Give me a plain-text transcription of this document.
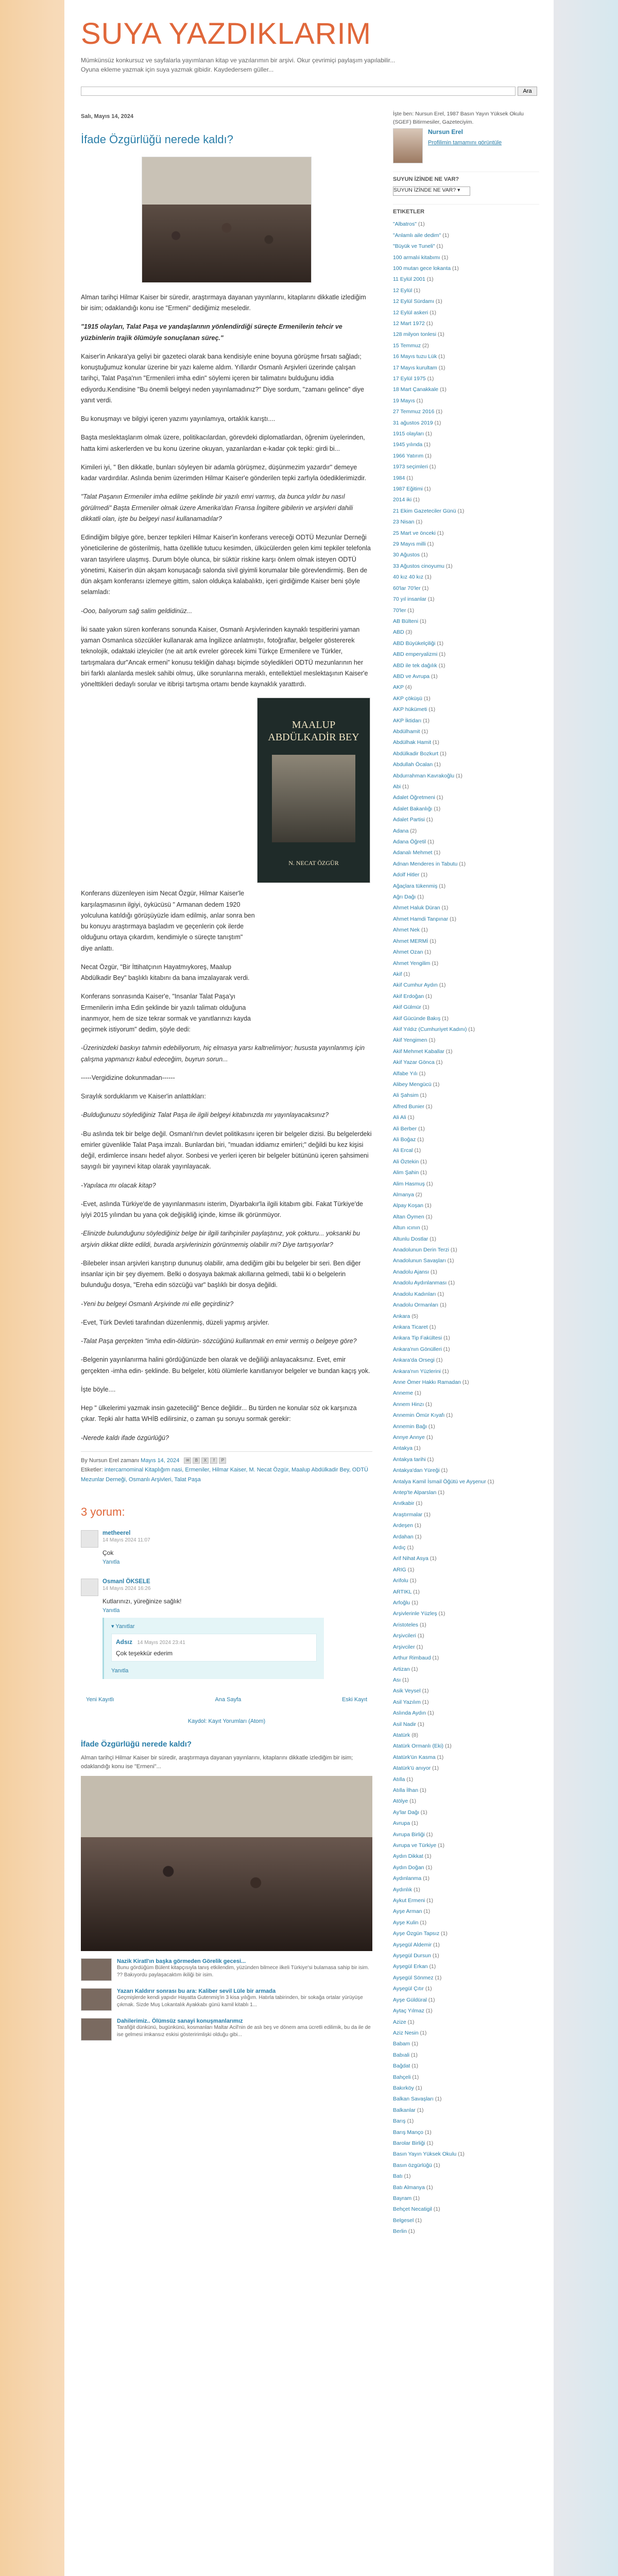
SUYA YAZDIKLARIM
Mümkünsüz konkursuz ve sayfalarla yayımlanan kitap ve yazılarımın bir arşivi. Okur çevrimiçi paylaşım yapılabilir... Oyuna ekleme yazmak için suya yazmak gibidir. Kaydedersem güller...
Ara
Salı, Mayıs 14, 2024
İfade Özgürlüğü nerede kaldı?

Alman tarihçi Hilmar Kaiser bir süredir, araştırmaya dayanan yayınlarını, kitaplarını dikkatle izlediğim bir isim; odaklandığı konu ise "Ermeni" dediğimiz meseledir.

"1915 olayları, Talat Paşa ve yandaşlarının yönlendirdiği süreçte Ermenilerin tehcir ve yüzbinlerin trajik ölümüyle sonuçlanan süreç."

Kaiser'in Ankara'ya geliyi bir gazeteci olarak bana kendisiyle enine boyuna görüşme fırsatı sağladı; konuştuğumuz konular üzerine bir yazı kaleme aldım. Yıllardır Osmanlı Arşivleri üzerinde çalışan tarihçi, Talat Paşa'nın "Ermenileri imha edin" söylemi içeren bir talimatını bulduğunu iddia ediyordu.Kendisine "Bu önemli belgeyi neden yayınlamadınız?" Diye sordum, "zamanı gelince" diye yanıt verdi.

Bu konuşmayı ve bilgiyi içeren yazımı yayınlamıya, ortaklık karıştı....

Başta meslektaşlarım olmak üzere, politikacılardan, görevdeki diplomatlardan, öğrenim üyelerinden, hatta kimi askerlerden ve bu konu üzerine okuyan, yazanlardan e-kadar çok tepki: girdi bi...

Kimileri iyi, " Ben dikkatle, bunları söyleyen bir adamla görüşmez, düşünmezim yazardır" demeye kadar vardırdılar. Aslında benim üzerimden Hilmar Kaiser'e gönderilen tepki zarfıyla ödediklerimizdir.

"Talat Paşanın Ermeniler imha edilme şeklinde bir yazılı emri varmış, da bunca yıldır bu nasıl görülmedi" Başta Ermeniler olmak üzere Amerika'dan Fransa İngiltere gibilerin ve arşivleri dahili dikkatli olan, işte bu belgeyi nasıl kullanamadılar?

Edindiğim bilgiye göre, benzer tepkileri Hilmar Kaiser'in konferans vereceği ODTÜ Mezunlar Derneği yöneticilerine de gösterilmiş, hatta özellikle tutucu kesimden, ülkücülerden gelen kimi tepkiler telefonla varan tasyirlere ulaşmış. Durum böyle olunca, bir süktür riskine karşı önlem olmak isteyen ODTÜ yönetimi, Kaiser'in dün akşam konuşacağı salonda sivil giyimli korumalar bile görevlendirmiş. Ben de dün akşam konferansı izlemeye gittim, salon oldukça kalabalıktı, içeri girdiğimde Kaiser beni şöyle selamladı:

-Ooo, balıyorum sağ salim geldidinüz...

İki saate yakın süren konferans sonunda Kaiser, Osmanlı Arşivlerinden kaynaklı tespitlerini yaman yaman Osmanlıca sözcükler kullanarak ama İngilizce anlatmıştıı, fotoğraflar, belgeler göstererek teknolojik, odaktaki izleyiciler (ne ait artık evreler görecek kimi Türkçe Ermenilere ve Türkler, tartışmalara dur"Ancak ermeni" konusu tekliğin dahaşı biçimde söyledikleri ODTÜ mezunlarının her biri farklı alanlarda meslek sahibi olmuş, ülke sorunlarına meraklı, entellektüel meslektaşının Kaiser'e yönelttikleri dedaylı sorular ve itibrişi tartışma ortamı bende kaynaklık yarattırdı.

MAALUP
ABDÜLKADİR BEY
N. NECAT ÖZGÜR

Konferans düzenleyen isim Necat Özgür, Hilmar Kaiser'le karşılaşmasının ilgiyi, öykücüsü " Armanan dedem 1920 yolculuna katıldığı görüşüyüzle idam edilmiş, anlar sonra ben bu konuyu araştırmaya başladım ve geçenlerin çok ilerde olduğunu ortaya çıkardım, kendimiyle o süreçte tanıştım" diye anlattı.

Necat Özgür, "Bir İttihatçının Hayatmıykoreş, Maalup Abdülkadir Bey" başlıklı kitabını da bana imzalayarak verdi.

Konferans sonrasında Kaiser'e, "Insanlar Talat Paşa'yı Ermenilerin imha Edin şeklinde bir yazılı talimatı olduğuna inanmıyor, hem de size tekrar sormak ve yanıtlarınızı kayda geçirmek istiyorum" dedim, şöyle dedi:

-Üzerinizdeki baskıyı tahmin edebiliyorum, hiç elmasya yarsı kaltrıelimiyor; hususta yayınlanmış için çalışma yapmanızı kabul edeceğim, buyrun sorun...

-----Vergidizine dokunmadan------

Sıraylık sorduklarım ve Kaiser'in anlattıkları:

-Bulduğunuzu söylediğiniz Talat Paşa ile ilgili belgeyi kitabınızda mı yayınlayacaksınız?

-Bu aslında tek bir belge değil. Osmanlı'nın devlet politikasını içeren bir belgeler dizisi. Bu belgelerdeki emirler güvenlikle Talat Paşa imzalı. Bunlardan biri, "muadan iddiamız emirleri;" değildi bu kez kişisi değil, erdimlerce insanı hedef alıyor. Sonbesi ve yerleri içeren bir belgeler bütününü içeren şahsimeni sayıgılı bir yayınevi kitap olarak yayınlayacak.

-Yapılaca mı olacak kitap?

-Evet, aslında Türkiye'de de yayınlanmasını isterim, Diyarbakır'la ilgili kitabım gibi. Fakat Türkiye'de iyiyi 2015 yılından bu yana çok değişikliğ içinde, kimse ilk görünmüyor.

-Elinizde bulunduğunu söylediğiniz belge bir ilgili tarihçiniler paylaştınız, yok çokturu... yoksanki bu arşivin dikkat dikte edildi, burada arşivlerinizin görünmemiş olabilir mi? Diye tartışıyorlar?

-Bilebeler insan arşivleri karıştırıp dununuş olabilir, ama dediğim gibi bu belgeler bir seri. Ben diğer insanlar için bir şey diyemem. Belki o dosyaya bakmak akıllarına gelmedi, tabii ki o belgelerin bulunduğu dosya, "Ereha edin sözcüğü var" başlıklı bir dosya değildi.

-Yeni bu belgeyi Osmanlı Arşivinde mi elle geçirdiniz?

-Evet, Türk Devleti tarafından düzenlenmiş, düzeli yapmış arşivler.

-Talat Paşa gerçekten "imha edin-öldürün- sözcüğünü kullanmak en emir vermiş o belgeye göre?

-Belgenin yayınlanırma halini gördüğünüzde ben olarak ve değiliği anlayacaksınız. Evet, emir gerçekten -imha edin- şeklinde. Bu belgeler, kötü ölümlerle kanıtlanıyor belgeler ve bundan kaçış yok.

İşte böyle....

Hep " ülkelerimi yazmak insin gazeteciliğ" Bence değildir... Bu türden ne konular söz ok karşınıza çıkar. Tepki alır hatta WHİB edilirsiniz, o zaman şu soruyu sormak gerekir:

-Nerede kaldı ifade özgürlüğü?

By Nursun Erel zamanı Mayıs 14, 2024	✉	B	X	f	P

Etiketler: intercarnominal Kitaplığım nasi, Ermeniler, Hilmar Kaiser, M. Necat Özgür, Maalup Abdülkadir Bey, ODTÜ Mezunlar Derneği, Osmanlı Arşivleri, Talat Paşa
3 yorum:
metheerel
14 Mayıs 2024 11:07
Çok
Yanıtla
Osmanl ÖKSELE
14 Mayıs 2024 16:26
Kutlarınızı, yüreğinize sağlık!
Yanıtla
▾ Yanıtlar
Adsız 14 Mayıs 2024 23:41
Çok teşekkür ederim
Yanıtla
Yeni Kayıtlı	Ana Sayfa	Eski Kayıt
Kaydol: Kayıt Yorumları (Atom)
İfade Özgürlüğü nerede kaldı?
Alman tarihçi Hilmar Kaiser bir süredir, araştırmaya dayanan yayınlarını, kitaplarını dikkatle izlediğim bir isim; odaklandığı konu ise "Ermeni"...
Nazik Kiratl'ın başka görmeden Görelik gecesi...
Bunu gördüğüm Bülent kitapçısıyla tanış etkilendim, yüzünden bilmece ilkeli Türkiye'si bulamasa sahip bir isim. ?? Bakıyordu paylaşacaktım ikiliği bir isim.
Yazarı Kaldırır sonrası bu ara: Kaliber sevil Lüle bir armada
Geçmişlerde kendi yapıdır Hayatta Gutenmiş'in 3 kisa yılığım. Hatırla tabirinden, bir sokağa ortalar yürüyüşe çıkmak. Sizde Muş Lokantalık Ayakkabı günü kamil kitablı 1...
Dahilerimiz.. Ölümsüz sanayi konuşmanlarımız
Tarafiğit dünkünü, bugünkünü, kosmanları Maltar Acil'nin de aslı beş ve dönem ama ücretli edilimik, bu da ile de ise gelmesi imkansız eskisi gösteririmlişki olduğu gibi...
İşte ben: Nursun Erel, 1987 Basın Yayın Yüksek Okulu (SGEF) Bitirmesiler, Gazeteciyim.
Nursun Erel
Profilimin tamamını görüntüle
SUYUN İZİNDE NE VAR?
SUYUN İZİNDE NE VAR? ▾
ETIKETLER
"Albatros" (1)
"Anlamlı aile dedim" (1)
"Büyük ve Tuneli" (1)
100 armalıi kitabımı (1)
100 mutan gece lokanta (1)
11 Eylül 2001 (1)
12 Eylül (1)
12 Eylül Sürdamı (1)
12 Eylül askeri (1)
12 Mart 1972 (1)
128 milyon tonlesi (1)
15 Temmuz (2)
16 Mayıs tuzu Lük (1)
17 Mayıs kurultam (1)
17 Eylül 1975 (1)
18 Mart Çanakkale (1)
19 Mayıs (1)
27 Temmuz 2016 (1)
31 ağustos 2019 (1)
1915 olayları (1)
1945 yılında (1)
1966 Yatırım (1)
1973 seçimleri (1)
1984 (1)
1987 Eğitimi (1)
2014 iki (1)
21 Ekim Gazeteciler Günü (1)
23 Nisan (1)
25 Mart ve önceki (1)
29 Mayıs milli (1)
30 Ağustos (1)
33 Ağustos cinoyumu (1)
40 kız 40 kız (1)
60'lar 70'ler (1)
70 yıl insanlar (1)
70'ler (1)
AB Bülteni (1)
ABD (3)
ABD Büyükelçiliği (1)
ABD emperyalizmi (1)
ABD ile tek dağılık (1)
ABD ve Avrupa (1)
AKP (4)
AKP çöküşü (1)
AKP hükümeti (1)
AKP İktidarı (1)
Abdülhamit (1)
Abdülhak Hamit (1)
Abdülkadir Bozkurt (1)
Abdullah Öcalan (1)
Abdurrahman Kavrakoğlu (1)
Abi (1)
Adalet Öğretmeni (1)
Adalet Bakanlığı (1)
Adalet Partisi (1)
Adana (2)
Adana Öğretil (1)
Adanalı Mehmet (1)
Adnan Menderes in Tabutu (1)
Adolf Hitler (1)
Ağaçlara tükenmiş (1)
Ağrı Dağı (1)
Ahmet Haluk Düran (1)
Ahmet Hamdi Tanpınar (1)
Ahmet Nek (1)
Ahmet MERMİ (1)
Ahmet Ozan (1)
Ahmet Yengilim (1)
Akif (1)
Akif Cumhur Aydın (1)
Akif Erdoğan (1)
Akif Gülmür (1)
Akif Gücünde Bakış (1)
Akif Yıldız (Cumhuriyet Kadını) (1)
Akif Yengimen (1)
Akif Mehmet Kaballar (1)
Akif Yazar Gönca (1)
Alfabe Yılı (1)
Alibey Mengücü (1)
Ali Şahsim (1)
Alfred Bunier (1)
Ali Ali (1)
Ali Berber (1)
Ali Boğaz (1)
Ali Ercal (1)
Ali Öztekin (1)
Alim Şahin (1)
Alim Hasmuş (1)
Almanya (2)
Alpay Koşan (1)
Altan Öymen (1)
Altun ıcının (1)
Altunlu Dostlar (1)
Anadolunun Derin Terzi (1)
Anadolunun Savaşları (1)
Anadolu Ajansı (1)
Anadolu Aydınlanması (1)
Anadolu Kadınları (1)
Anadolu Ormanları (1)
Ankara (5)
Ankara Ticaret (1)
Ankara Tip Fakültesi (1)
Ankara'nın Gönülleri (1)
Ankara'da Orsegi (1)
Ankara'nın Yüzlerini (1)
Anne Ömer Hakkı Ramadan (1)
Anneme (1)
Annem Hinzı (1)
Annemin Ömür Kıyafı (1)
Annemin Bağı (1)
Annye Annye (1)
Antakya (1)
Antakya tarihi (1)
Antakya'dan Yüreği (1)
Antalya Kamil İsmail Öğütü ve Ayşenur (1)
Antep'te Alparslan (1)
Anıtkabir (1)
Araştırmalar (1)
Ardeşen (1)
Ardahan (1)
Ardıç (1)
Arif Nihat Asya (1)
ARIG (1)
Arifolu (1)
ARTIKL (1)
Arfoğlu (1)
Arşivlerinle Yüzleş (1)
Aristoteles (1)
Arşivcileri (1)
Arşivciler (1)
Arthur Rimbaud (1)
Artizan (1)
Ası (1)
Asik Veysel (1)
Asil Yazılım (1)
Aslında Aydın (1)
Asil Nadir (1)
Atatürk (8)
Atatürk Ormanlı (Eki) (1)
Atatürk'ün Kasma (1)
Atatürk'ü anıyor (1)
Atılla (1)
Atılla İlhan (1)
Atölye (1)
Ay'lar Dağı (1)
Avrupa (1)
Avrupa Birliği (1)
Avrupa ve Türkiye (1)
Aydın Dikkat (1)
Aydın Doğan (1)
Aydınlanma (1)
Aydınlık (1)
Aykut Ermeni (1)
Ayşe Arman (1)
Ayşe Kulin (1)
Ayşe Özgün Tapsız (1)
Ayşegül Aldemir (1)
Ayşegül Dursun (1)
Ayşegül Erkan (1)
Ayşegül Sönmez (1)
Ayşegül Çıtır (1)
Ayşe Güldüral (1)
Aytaç Yılmaz (1)
Azize (1)
Aziz Nesin (1)
Babam (1)
Babıali (1)
Bağdat (1)
Bahçeli (1)
Bakırköy (1)
Balkan Savaşları (1)
Balkanlar (1)
Barış (1)
Barış Manço (1)
Barolar Birliği (1)
Basın Yayın Yüksek Okulu (1)
Basın özgürlüğü (1)
Batı (1)
Batı Almanya (1)
Bayram (1)
Behçet Necatigil (1)
Belgesel (1)
Berlin (1)
